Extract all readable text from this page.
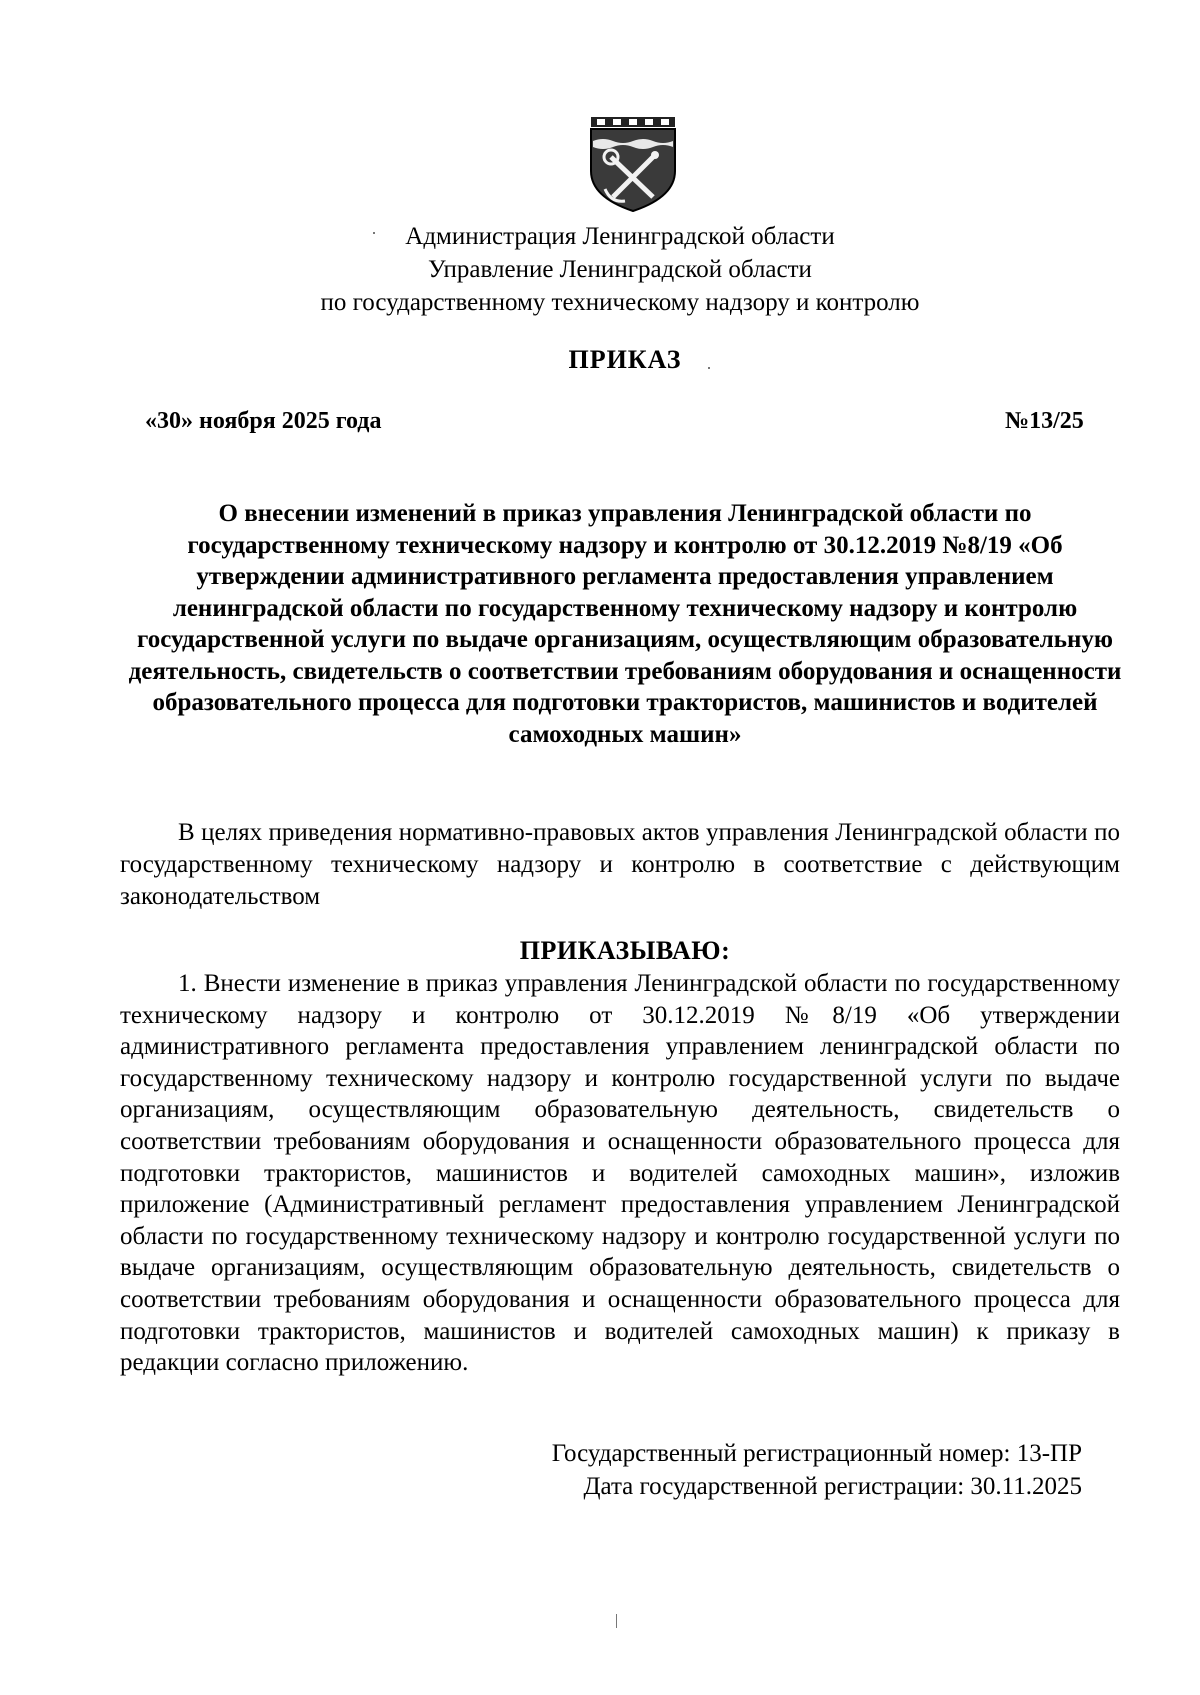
Администрация Ленинградской области
Управление Ленинградской области
по государственному техническому надзору и контролю
ПРИКАЗ
«30» ноября 2025 года	№13/25
О внесении изменений в приказ управления Ленинградской области по государственному техническому надзору и контролю от 30.12.2019 №8/19 «Об утверждении административного регламента предоставления управлением ленинградской области по государственному техническому надзору и контролю государственной услуги по выдаче организациям, осуществляющим образовательную деятельность, свидетельств о соответствии требованиям оборудования и оснащенности образовательного процесса для подготовки трактористов, машинистов и водителей самоходных машин»
В целях приведения нормативно-правовых актов управления Ленинградской области по государственному техническому надзору и контролю в соответствие с действующим законодательством
ПРИКАЗЫВАЮ:
1. Внести изменение в приказ управления Ленинградской области по государственному техническому надзору и контролю от 30.12.2019 №8/19 «Об утверждении административного регламента предоставления управлением ленинградской области по государственному техническому надзору и контролю государственной услуги по выдаче организациям, осуществляющим образовательную деятельность, свидетельств о соответствии требованиям оборудования и оснащенности образовательного процесса для подготовки трактористов, машинистов и водителей самоходных машин», изложив приложение (Административный регламент предоставления управлением Ленинградской области по государственному техническому надзору и контролю государственной услуги по выдаче организациям, осуществляющим образовательную деятельность, свидетельств о соответствии требованиям оборудования и оснащенности образовательного процесса для подготовки трактористов, машинистов и водителей самоходных машин) к приказу в редакции согласно приложению.
Государственный регистрационный номер: 13-ПР
Дата государственной регистрации: 30.11.2025
